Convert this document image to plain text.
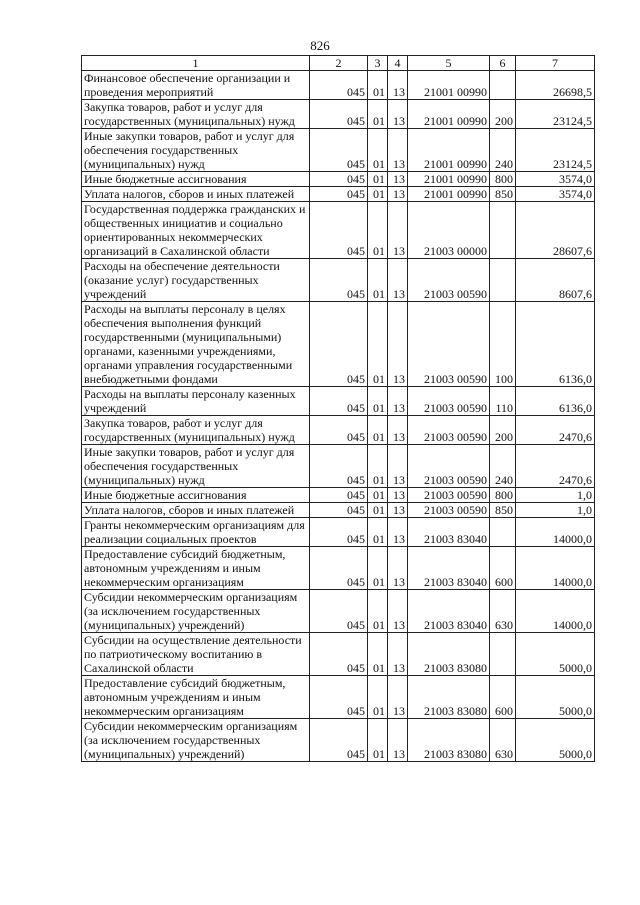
826
1	2	3	4	5	6	7
Финансовое обеспечение организации и проведения мероприятий	045	01	13	21001 00990		26698,5
Закупка товаров, работ и услуг для государственных (муниципальных) нужд	045	01	13	21001 00990	200	23124,5
Иные закупки товаров, работ и услуг для обеспечения государственных (муниципальных) нужд	045	01	13	21001 00990	240	23124,5
Иные бюджетные ассигнования	045	01	13	21001 00990	800	3574,0
Уплата налогов, сборов и иных платежей	045	01	13	21001 00990	850	3574,0
Государственная поддержка гражданских и общественных инициатив и социально ориентированных некоммерческих организаций в Сахалинской области	045	01	13	21003 00000		28607,6
Расходы на обеспечение деятельности (оказание услуг) государственных учреждений	045	01	13	21003 00590		8607,6
Расходы на выплаты персоналу в целях обеспечения выполнения функций государственными (муниципальными) органами, казенными учреждениями, органами управления государственными внебюджетными фондами	045	01	13	21003 00590	100	6136,0
Расходы на выплаты персоналу казенных учреждений	045	01	13	21003 00590	110	6136,0
Закупка товаров, работ и услуг для государственных (муниципальных) нужд	045	01	13	21003 00590	200	2470,6
Иные закупки товаров, работ и услуг для обеспечения государственных (муниципальных) нужд	045	01	13	21003 00590	240	2470,6
Иные бюджетные ассигнования	045	01	13	21003 00590	800	1,0
Уплата налогов, сборов и иных платежей	045	01	13	21003 00590	850	1,0
Гранты некоммерческим организациям для реализации социальных проектов	045	01	13	21003 83040		14000,0
Предоставление субсидий бюджетным, автономным учреждениям и иным некоммерческим организациям	045	01	13	21003 83040	600	14000,0
Субсидии некоммерческим организациям (за исключением государственных (муниципальных) учреждений)	045	01	13	21003 83040	630	14000,0
Субсидии на осуществление деятельности по патриотическому воспитанию в Сахалинской области	045	01	13	21003 83080		5000,0
Предоставление субсидий бюджетным, автономным учреждениям и иным некоммерческим организациям	045	01	13	21003 83080	600	5000,0
Субсидии некоммерческим организациям (за исключением государственных (муниципальных) учреждений)	045	01	13	21003 83080	630	5000,0
